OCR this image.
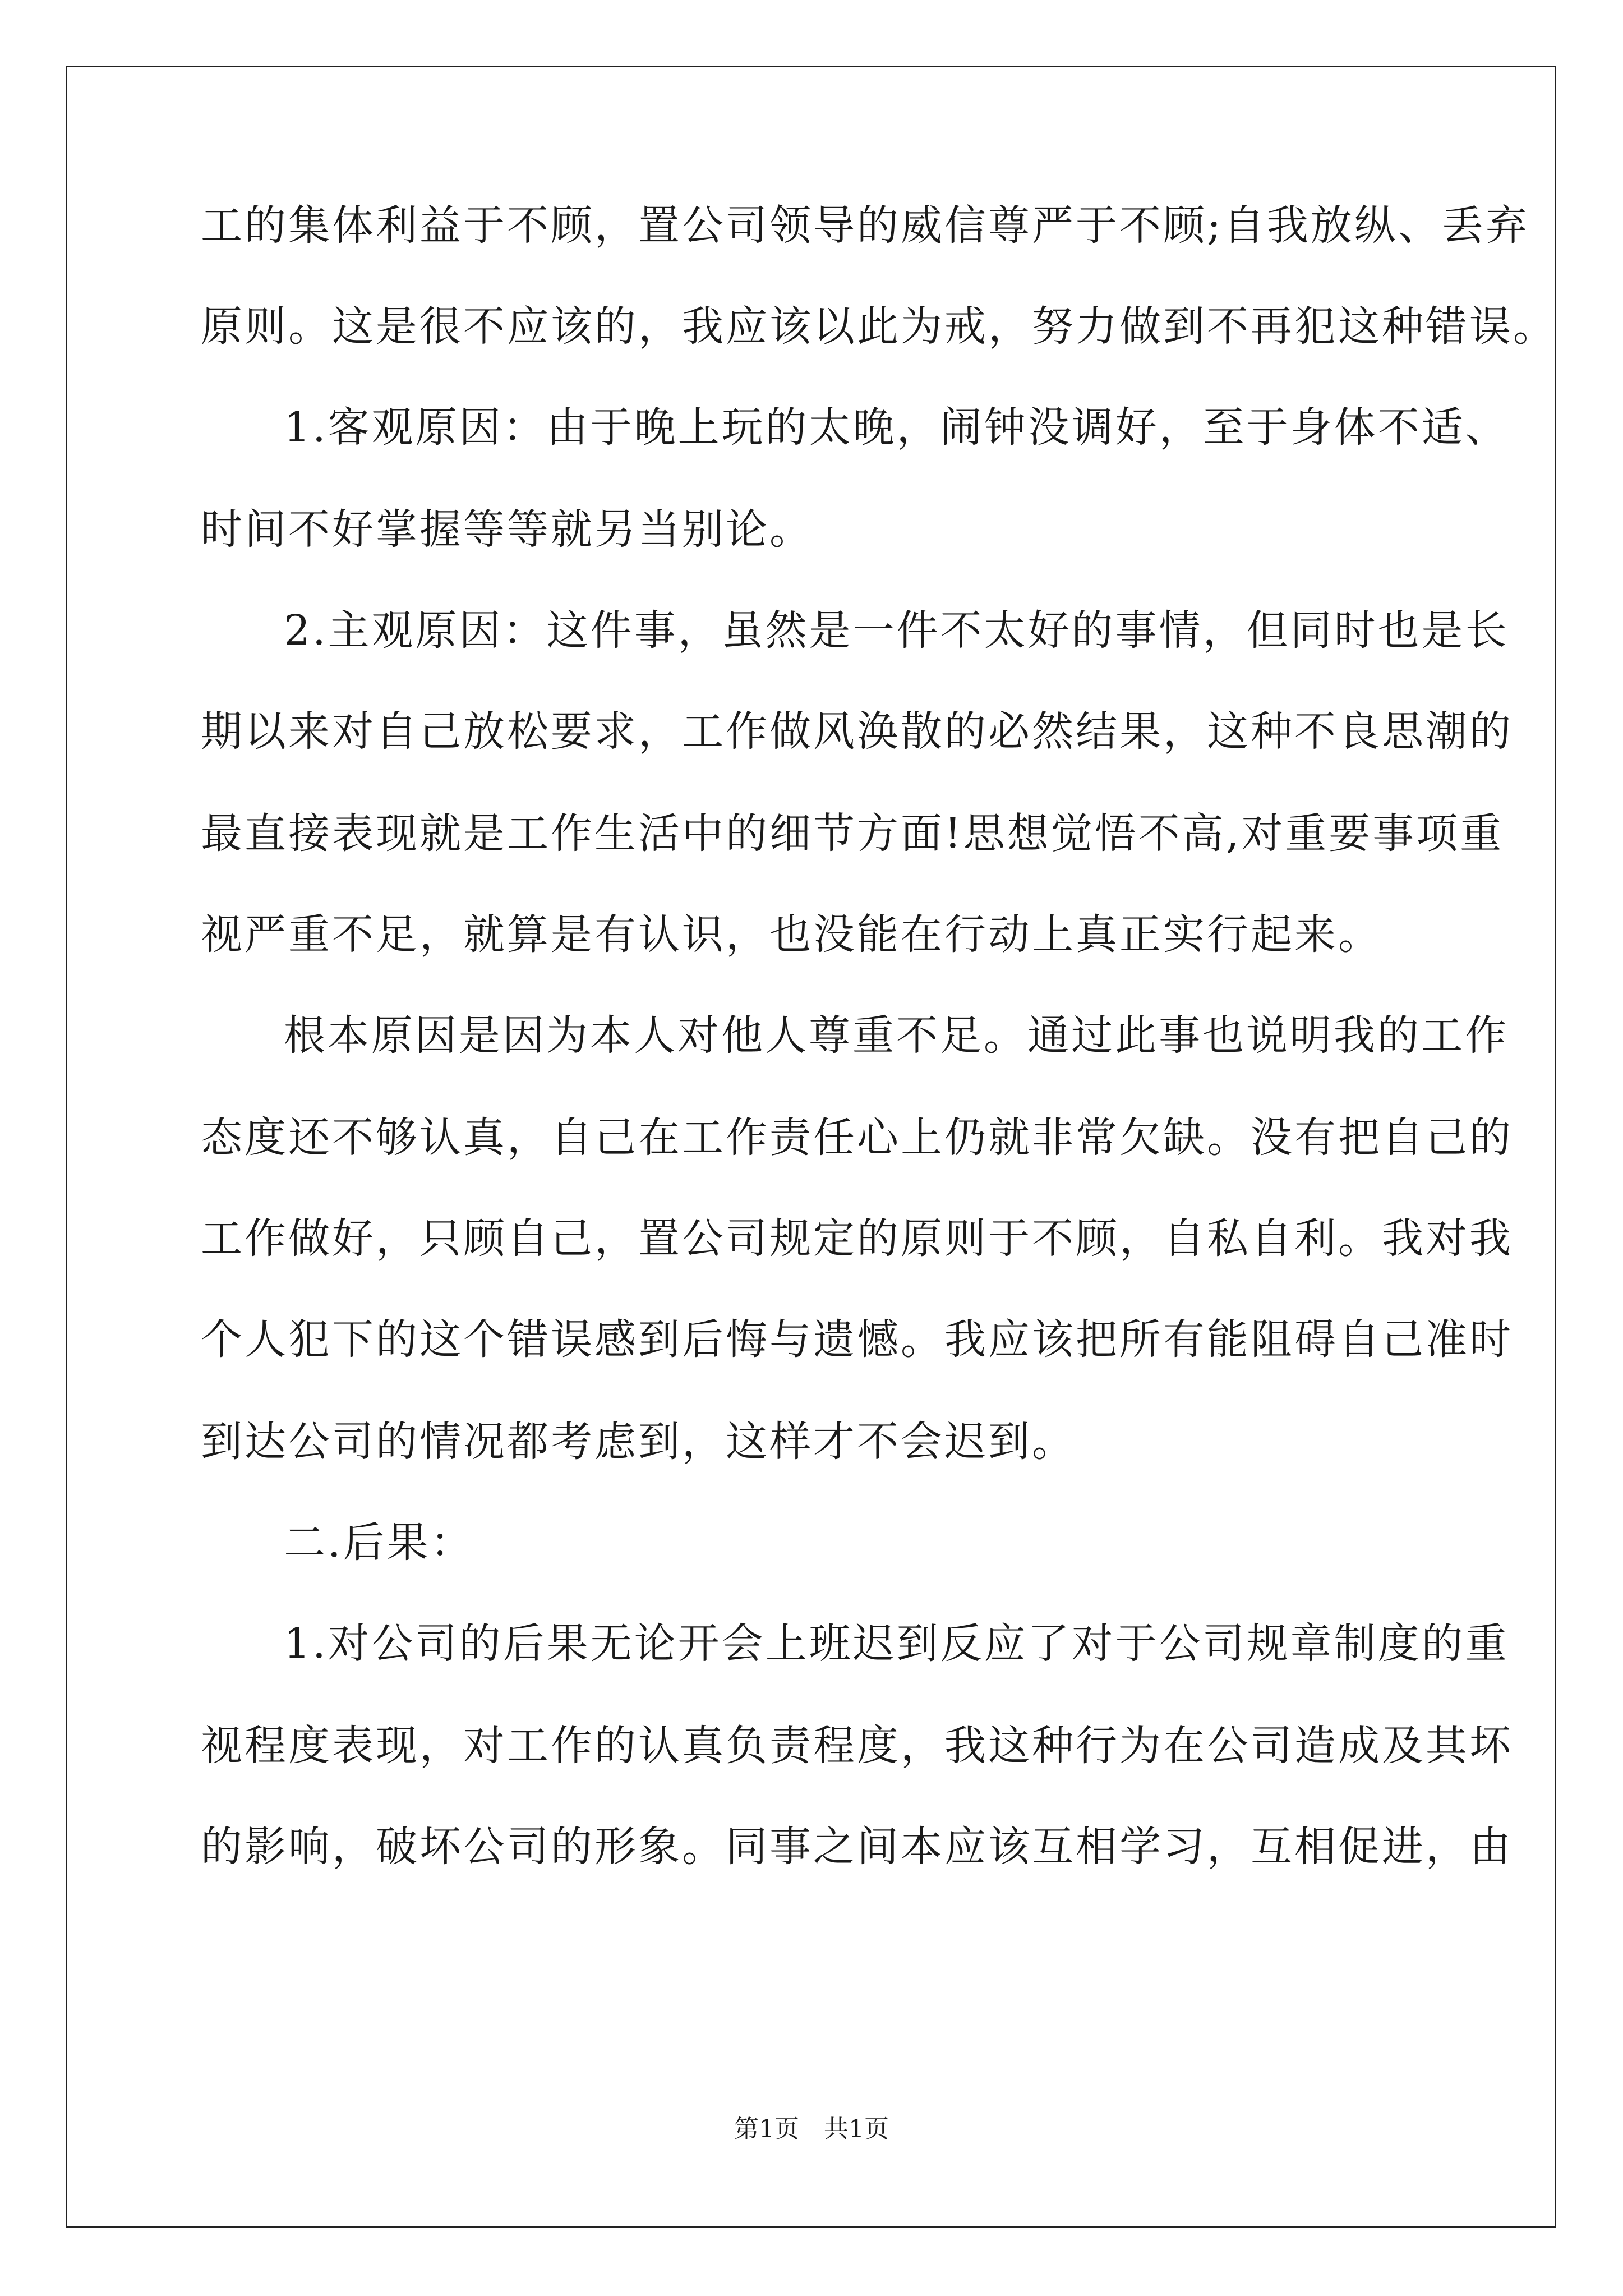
工的集体利益于不顾，置公司领导的威信尊严于不顾;自我放纵、丢弃
原则。这是很不应该的，我应该以此为戒，努力做到不再犯这种错误。
1.客观原因：由于晚上玩的太晚，闹钟没调好，至于身体不适、
时间不好掌握等等就另当别论。
2.主观原因：这件事，虽然是一件不太好的事情，但同时也是长
期以来对自己放松要求，工作做风涣散的必然结果，这种不良思潮的
最直接表现就是工作生活中的细节方面!思想觉悟不高,对重要事项重
视严重不足，就算是有认识，也没能在行动上真正实行起来。
根本原因是因为本人对他人尊重不足。通过此事也说明我的工作
态度还不够认真，自己在工作责任心上仍就非常欠缺。没有把自己的
工作做好，只顾自己，置公司规定的原则于不顾，自私自利。我对我
个人犯下的这个错误感到后悔与遗憾。我应该把所有能阻碍自己准时
到达公司的情况都考虑到，这样才不会迟到。
二.后果：
1.对公司的后果无论开会上班迟到反应了对于公司规章制度的重
视程度表现，对工作的认真负责程度，我这种行为在公司造成及其坏
的影响，破坏公司的形象。同事之间本应该互相学习，互相促进，由
第1页　共1页
